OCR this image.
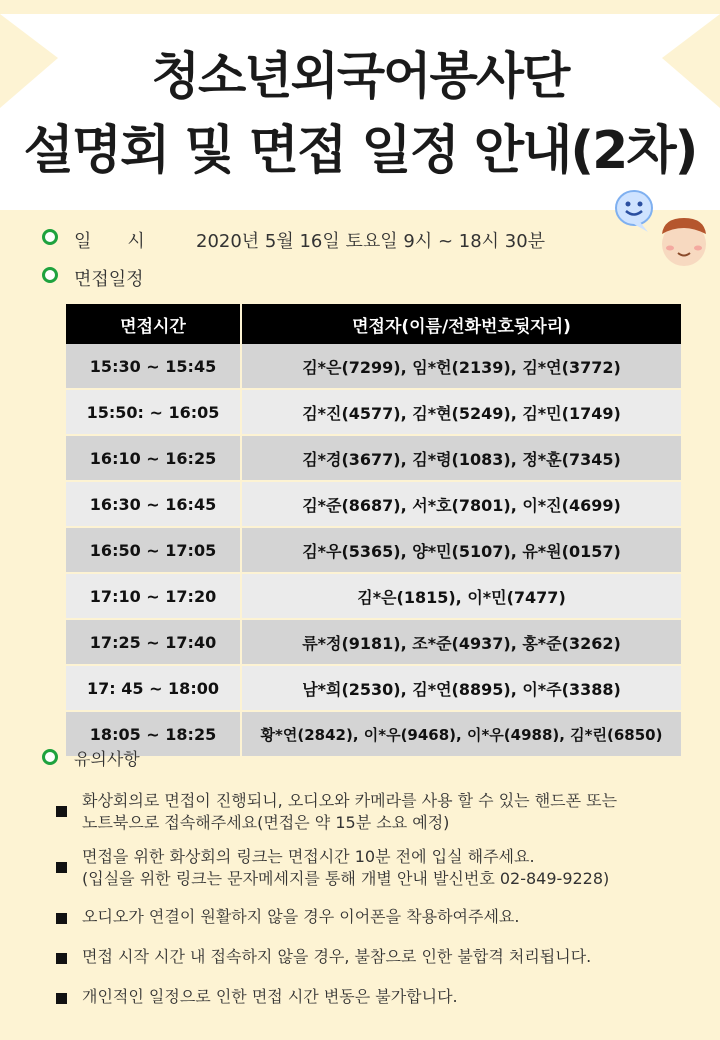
청소년외국어봉사단
설명회 및 면접 일정 안내(2차)
일　　시	2020년 5월 16일 토요일 9시 ~ 18시 30분
면접일정
면접시간	면접자(이름/전화번호뒷자리)
15:30 ~ 15:45	김*은(7299), 임*헌(2139), 김*연(3772)
15:50: ~ 16:05	김*진(4577), 김*현(5249), 김*민(1749)
16:10 ~ 16:25	김*경(3677), 김*령(1083), 정*훈(7345)
16:30 ~ 16:45	김*준(8687), 서*호(7801), 이*진(4699)
16:50 ~ 17:05	김*우(5365), 양*민(5107), 유*원(0157)
17:10 ~ 17:20	김*은(1815), 이*민(7477)
17:25 ~ 17:40	류*정(9181), 조*준(4937), 홍*준(3262)
17: 45 ~ 18:00	남*희(2530), 김*연(8895), 이*주(3388)
18:05 ~ 18:25	황*연(2842), 이*우(9468), 이*우(4988), 김*린(6850)
유의사항
화상회의로 면접이 진행되니, 오디오와 카메라를 사용 할 수 있는 핸드폰 또는
노트북으로 접속해주세요(면접은 약 15분 소요 예정)
면접을 위한 화상회의 링크는 면접시간 10분 전에 입실 해주세요.
(입실을 위한 링크는 문자메세지를 통해 개별 안내 발신번호 02-849-9228)
오디오가 연결이 원활하지 않을 경우 이어폰을 착용하여주세요.
면접 시작 시간 내 접속하지 않을 경우, 불참으로 인한 불합격 처리됩니다.
개인적인 일정으로 인한 면접 시간 변동은 불가합니다.
